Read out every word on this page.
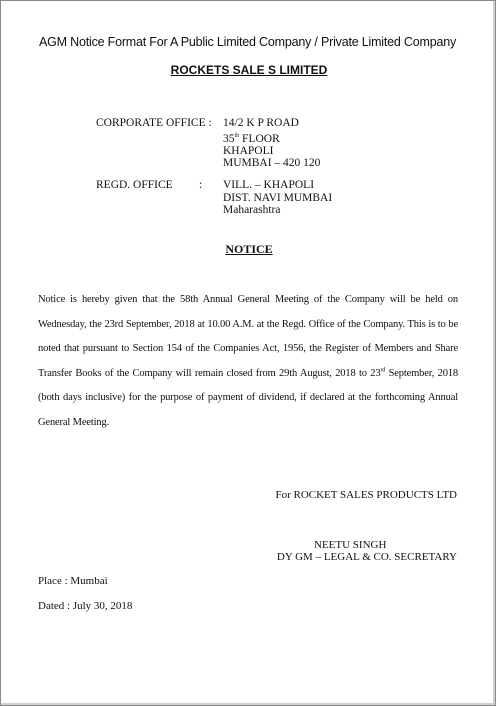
AGM Notice Format For A Public Limited Company / Private Limited Company
ROCKETS SALE S LIMITED
CORPORATE OFFICE : 14/2 K P ROAD
35th FLOOR
KHAPOLI
MUMBAI – 420 120
REGD. OFFICE : VILL. – KHAPOLI
DIST. NAVI MUMBAI
Maharashtra
NOTICE
Notice is hereby given that the 58th Annual General Meeting of the Company will be held on Wednesday, the 23rd September, 2018 at 10.00 A.M. at the Regd. Office of the Company. This is to be noted that pursuant to Section 154 of the Companies Act, 1956, the Register of Members and Share Transfer Books of the Company will remain closed from 29th August, 2018 to 23rd September, 2018 (both days inclusive) for the purpose of payment of dividend, if declared at the forthcoming Annual General Meeting.
For ROCKET SALES PRODUCTS LTD
NEETU SINGH
DY GM – LEGAL & CO. SECRETARY
Place : Mumbai
Dated : July 30, 2018
